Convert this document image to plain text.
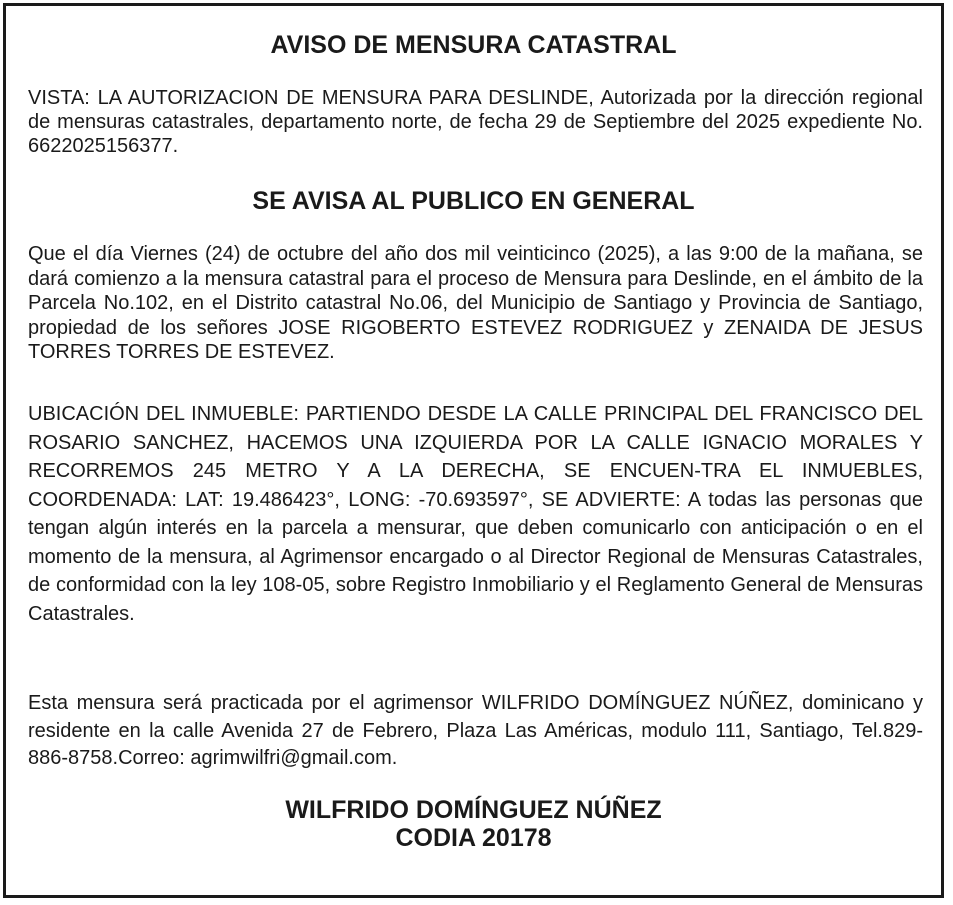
AVISO DE MENSURA CATASTRAL

VISTA: LA AUTORIZACION DE MENSURA PARA DESLINDE, Autorizada por la dirección regional de mensuras catastrales, departamento norte, de fecha 29 de Septiembre del 2025 expediente No. 6622025156377.

SE AVISA AL PUBLICO EN GENERAL

Que el día Viernes (24) de octubre del año dos mil veinticinco (2025), a las 9:00 de la mañana, se dará comienzo a la mensura catastral para el proceso de Mensura para Deslinde, en el ámbito de la Parcela No.102, en el Distrito catastral No.06, del Municipio de Santiago y Provincia de Santiago, propiedad de los señores JOSE RIGOBERTO ESTEVEZ RODRIGUEZ y ZENAIDA DE JESUS TORRES TORRES DE ESTEVEZ.

UBICACIÓN DEL INMUEBLE: PARTIENDO DESDE LA CALLE PRINCIPAL DEL FRANCISCO DEL ROSARIO SANCHEZ, HACEMOS UNA IZQUIERDA POR LA CALLE IGNACIO MORALES Y RECORREMOS 245 METRO Y A LA DERECHA, SE ENCUEN-TRA EL INMUEBLES, COORDENADA: LAT: 19.486423°, LONG: -70.693597°, SE ADVIERTE: A todas las personas que tengan algún interés en la parcela a mensurar, que deben comunicarlo con anticipación o en el momento de la mensura, al Agrimensor encargado o al Director Regional de Mensuras Catastrales, de conformidad con la ley 108-05, sobre Registro Inmobiliario y el Reglamento General de Mensuras Catastrales.

Esta mensura será practicada por el agrimensor WILFRIDO DOMÍNGUEZ NÚÑEZ, dominicano y residente en la calle Avenida 27 de Febrero, Plaza Las Américas, modulo 111, Santiago, Tel.829-886-8758.Correo: agrimwilfri@gmail.com.

WILFRIDO DOMÍNGUEZ NÚÑEZ
CODIA 20178
